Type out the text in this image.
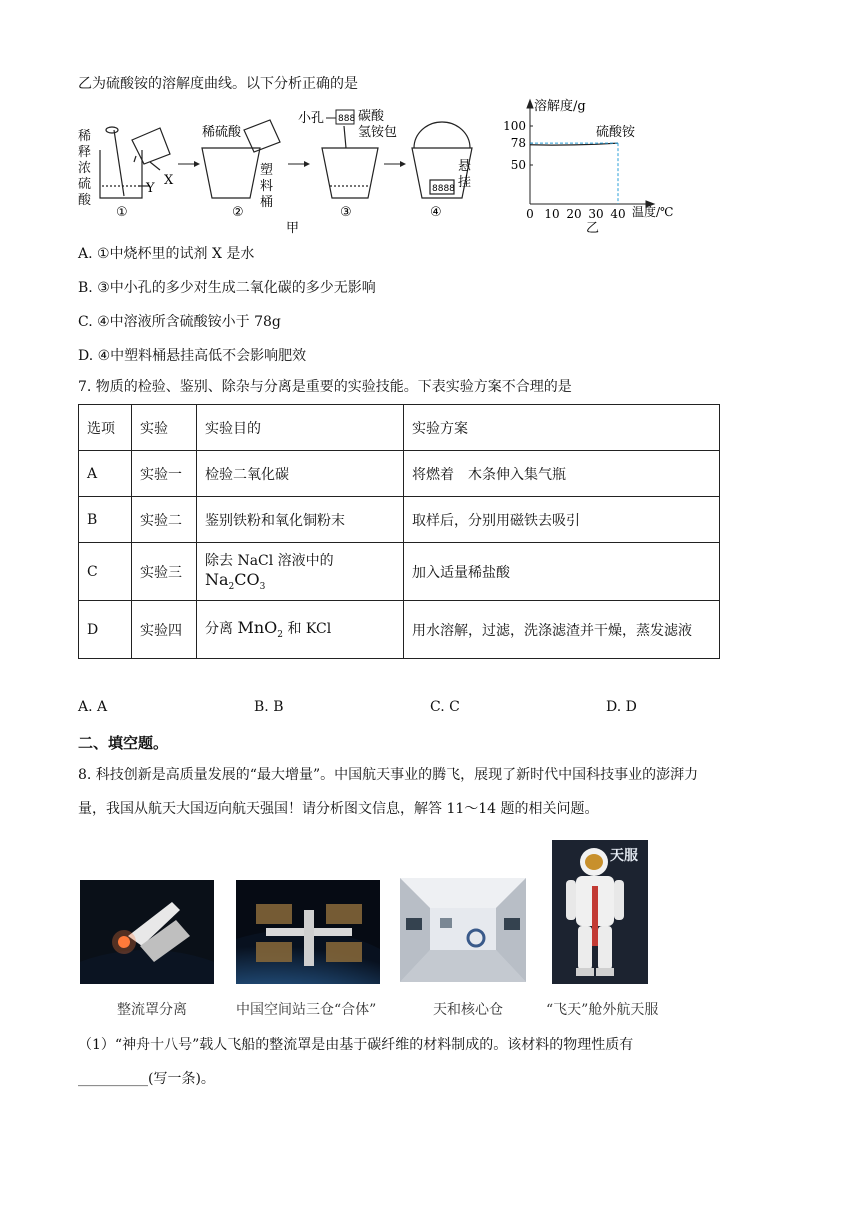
乙为硫酸铵的溶解度曲线。以下分析正确的是
稀
释
浓
硫
酸
X
Y
①
稀硫酸
塑
料
桶
②
小孔 888 碳酸
氢铵包
③
8888
悬
挂
④
甲
溶解度/g
温度/℃
50
78
100
0 10 20 30 40
硫酸铵
乙
A. ①中烧杯里的试剂 X 是水
B. ③中小孔的多少对生成二氧化碳的多少无影响
C. ④中溶液所含硫酸铵小于 78g
D. ④中塑料桶悬挂高低不会影响肥效
7. 物质的检验、鉴别、除杂与分离是重要的实验技能。下表实验方案不合理的是
选项	实验	实验目的	实验方案
A	实验一	检验二氧化碳	将燃着　木条伸入集气瓶
B	实验二	鉴别铁粉和氧化铜粉末	取样后，分别用磁铁去吸引
C	实验三	除去 NaCl 溶液中的 $Na_2CO_3$	加入适量稀盐酸
D	实验四	分离 MnO$_2$ 和 KCl	用水溶解，过滤，洗涤滤渣并干燥，蒸发滤液
A. A	B. B	C. C	D. D
二、填空题。
8. 科技创新是高质量发展的“最大增量”。中国航天事业的腾飞，展现了新时代中国科技事业的澎湃力
量，我国从航天大国迈向航天强国！请分析图文信息，解答 11～14 题的相关问题。
天服
整流罩分离	中国空间站三仓“合体”	天和核心仓	“飞天”舱外航天服
（1）“神舟十八号”载人飞船的整流罩是由基于碳纤维的材料制成的。该材料的物理性质有
__________(写一条)。
